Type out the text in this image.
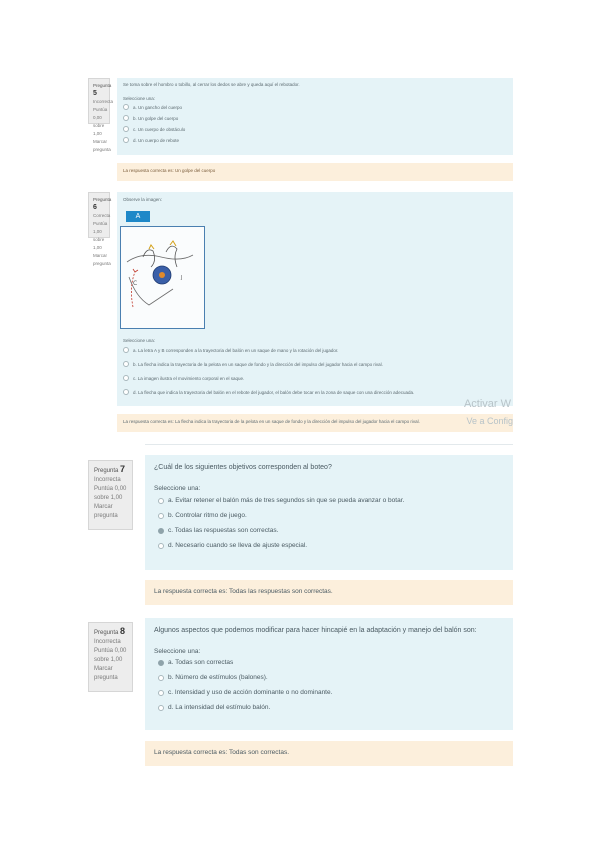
Pregunta 5
Incorrecta
Puntúa 0,00 sobre 1,00
Marcar pregunta
Se toma sobre el hombro o tobillo, al cerrar los dedos se abre y queda aquí el rebotador.
Seleccione una:
a. Un gancho del cuerpo
b. Un golpe del cuerpo
c. Un cuerpo de obstáculo
d. Un cuerpo de rebote
La respuesta correcta es: Un golpe del cuerpo
Pregunta 6
Correcta
Puntúa 1,00 sobre 1,00
Marcar pregunta
Observe la imagen:
Seleccione una:
a. La letra A y B corresponden a la trayectoria del balón en un saque de mano y la rotación del jugador.
b. La flecha indica la trayectoria de la pelota en un saque de fondo y la dirección del impulso del jugador hacia el campo rival.
c. La imagen ilustra el movimiento corporal en el saque.
d. La flecha que indica la trayectoria del balón en el rebote del jugador, el balón debe tocar en la zona de saque con una dirección adecuada.
A
C
J
Activar W
La respuesta correcta es: La flecha indica la trayectoria de la pelota en un saque de fondo y la dirección del impulso del jugador hacia el campo rival.	Ve a Config
Pregunta 7
Incorrecta
Puntúa 0,00 sobre 1,00
Marcar pregunta
¿Cuál de los siguientes objetivos corresponden al boteo?
Seleccione una:
a. Evitar retener el balón más de tres segundos sin que se pueda avanzar o botar.
b. Controlar ritmo de juego.
c. Todas las respuestas son correctas.
d. Necesario cuando se lleva de ajuste especial.
La respuesta correcta es: Todas las respuestas son correctas.
Pregunta 8
Incorrecta
Puntúa 0,00 sobre 1,00
Marcar pregunta
Algunos aspectos que podemos modificar para hacer hincapié en la adaptación y manejo del balón son:
Seleccione una:
a. Todas son correctas
b. Número de estímulos (balones).
c. Intensidad y uso de acción dominante o no dominante.
d. La intensidad del estímulo balón.
La respuesta correcta es: Todas son correctas.
